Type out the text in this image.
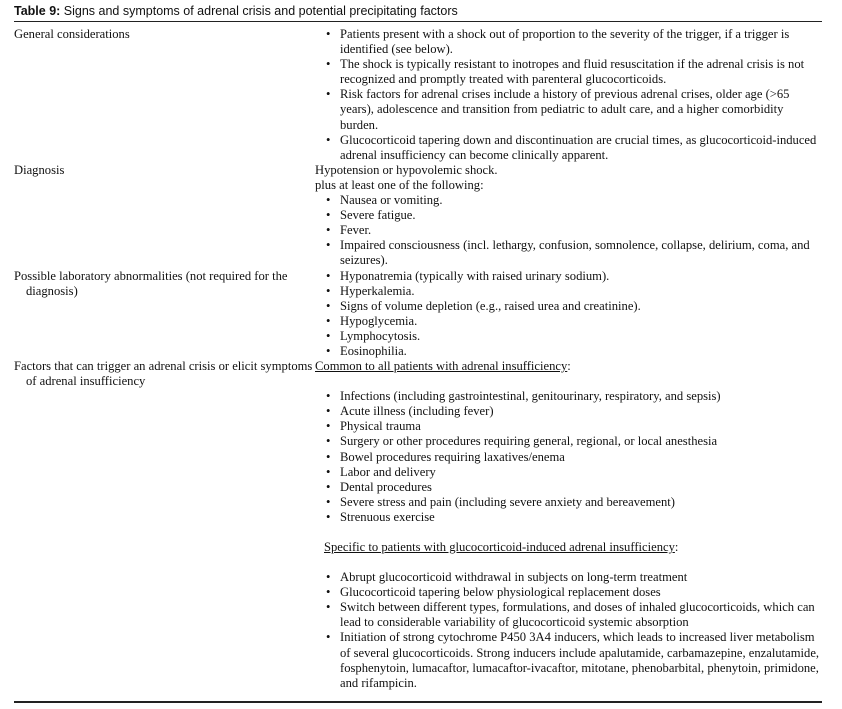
Table 9: Signs and symptoms of adrenal crisis and potential precipitating factors
General considerations
•	Patients present with a shock out of proportion to the severity of the trigger, if a trigger is identified (see below).
• The shock is typically resistant to inotropes and fluid resuscitation if the adrenal crisis is not recognized and promptly treated with parenteral glucocorticoids.
• Risk factors for adrenal crises include a history of previous adrenal crises, older age (>65 years), adolescence and transition from pediatric to adult care, and a higher comorbidity burden.
• Glucocorticoid tapering down and discontinuation are crucial times, as glucocorticoid-induced adrenal insufficiency can become clinically apparent.
Diagnosis	Hypotension or hypovolemic shock.
plus at least one of the following:
• Nausea or vomiting.
• Severe fatigue.
• Fever.
• Impaired consciousness (incl. lethargy, confusion, somnolence, collapse, delirium, coma, and seizures).
Possible laboratory abnormalities (not required for the diagnosis)
• Hyponatremia (typically with raised urinary sodium).
• Hyperkalemia.
• Signs of volume depletion (e.g., raised urea and creatinine).
• Hypoglycemia.
• Lymphocytosis.
• Eosinophilia.
Factors that can trigger an adrenal crisis or elicit symptoms of adrenal insufficiency
Common to all patients with adrenal insufficiency:
• Infections (including gastrointestinal, genitourinary, respiratory, and sepsis)
• Acute illness (including fever)
• Physical trauma
• Surgery or other procedures requiring general, regional, or local anesthesia
• Bowel procedures requiring laxatives/enema
• Labor and delivery
• Dental procedures
• Severe stress and pain (including severe anxiety and bereavement)
• Strenuous exercise
Specific to patients with glucocorticoid-induced adrenal insufficiency:
• Abrupt glucocorticoid withdrawal in subjects on long-term treatment
• Glucocorticoid tapering below physiological replacement doses
• Switch between different types, formulations, and doses of inhaled glucocorticoids, which can lead to considerable variability of glucocorticoid systemic absorption
• Initiation of strong cytochrome P450 3A4 inducers, which leads to increased liver metabolism of several glucocorticoids. Strong inducers include apalutamide, carbamazepine, enzalutamide, fosphenytoin, lumacaftor, lumacaftor-ivacaftor, mitotane, phenobarbital, phenytoin, primidone, and rifampicin.
